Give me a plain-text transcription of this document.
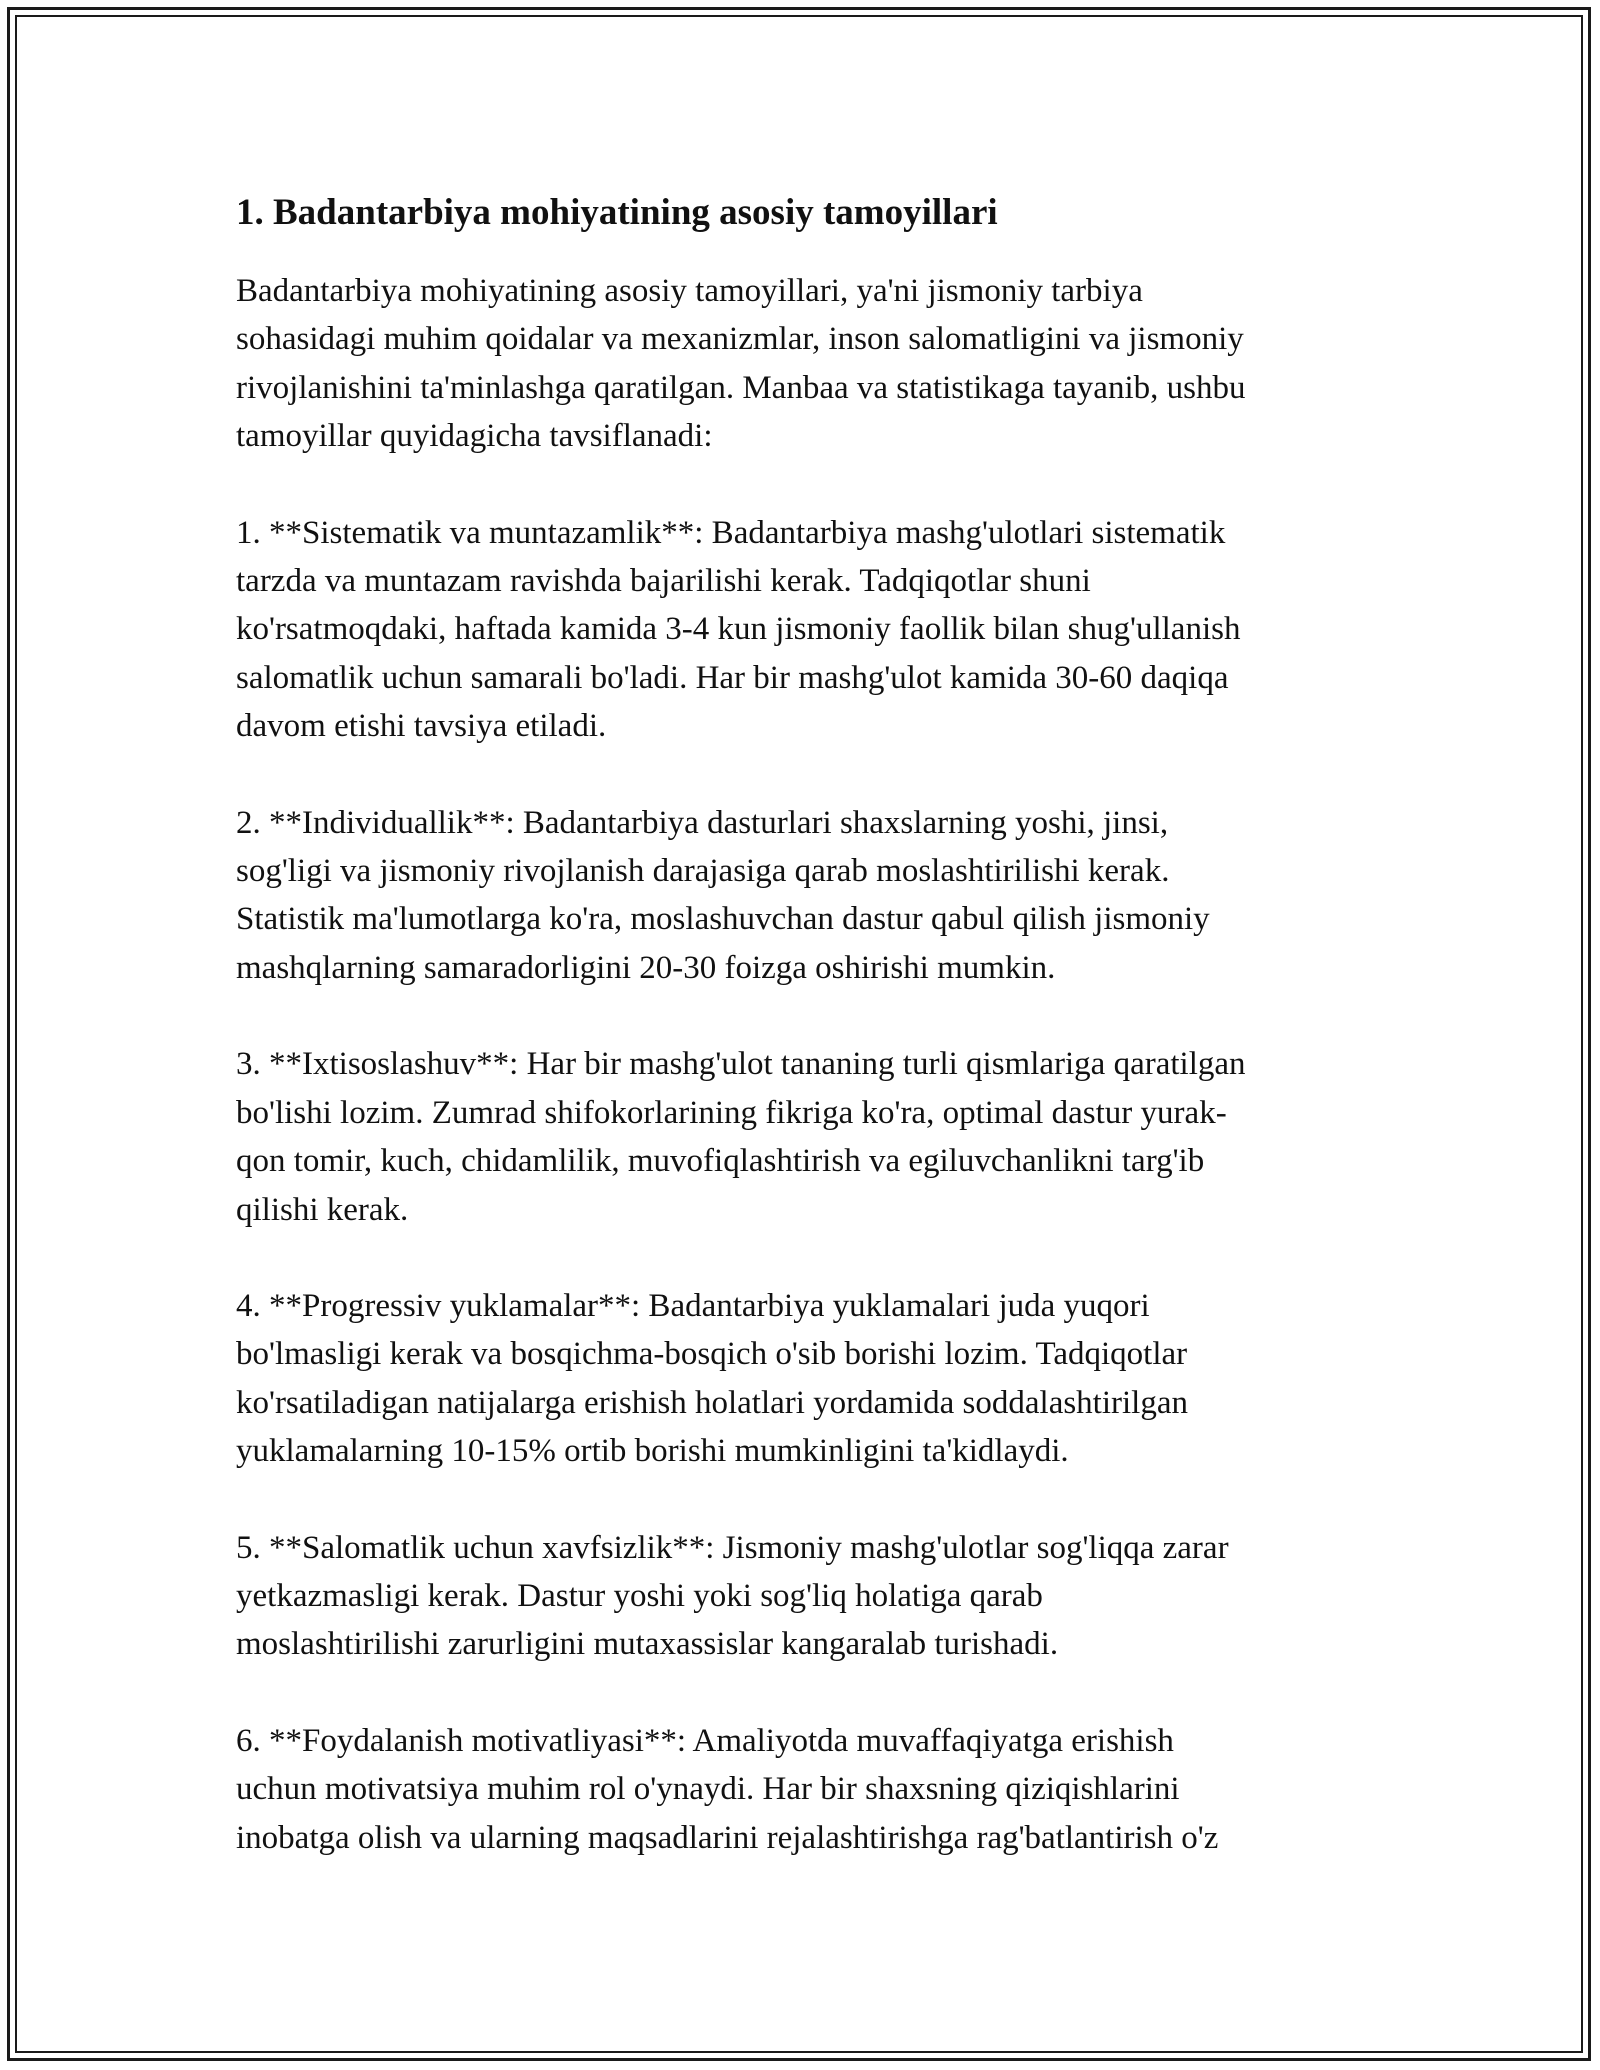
1. Badantarbiya mohiyatining asosiy tamoyillari

Badantarbiya mohiyatining asosiy tamoyillari, ya'ni jismoniy tarbiya
sohasidagi muhim qoidalar va mexanizmlar, inson salomatligini va jismoniy
rivojlanishini ta'minlashga qaratilgan. Manbaa va statistikaga tayanib, ushbu
tamoyillar quyidagicha tavsiflanadi:

1. **Sistematik va muntazamlik**: Badantarbiya mashg'ulotlari sistematik
tarzda va muntazam ravishda bajarilishi kerak. Tadqiqotlar shuni
ko'rsatmoqdaki, haftada kamida 3-4 kun jismoniy faollik bilan shug'ullanish
salomatlik uchun samarali bo'ladi. Har bir mashg'ulot kamida 30-60 daqiqa
davom etishi tavsiya etiladi.

2. **Individuallik**: Badantarbiya dasturlari shaxslarning yoshi, jinsi,
sog'ligi va jismoniy rivojlanish darajasiga qarab moslashtirilishi kerak.
Statistik ma'lumotlarga ko'ra, moslashuvchan dastur qabul qilish jismoniy
mashqlarning samaradorligini 20-30 foizga oshirishi mumkin.

3. **Ixtisoslashuv**: Har bir mashg'ulot tananing turli qismlariga qaratilgan
bo'lishi lozim. Zumrad shifokorlarining fikriga ko'ra, optimal dastur yurak-
qon tomir, kuch, chidamlilik, muvofiqlashtirish va egiluvchanlikni targ'ib
qilishi kerak.

4. **Progressiv yuklamalar**: Badantarbiya yuklamalari juda yuqori
bo'lmasligi kerak va bosqichma-bosqich o'sib borishi lozim. Tadqiqotlar
ko'rsatiladigan natijalarga erishish holatlari yordamida soddalashtirilgan
yuklamalarning 10-15% ortib borishi mumkinligini ta'kidlaydi.

5. **Salomatlik uchun xavfsizlik**: Jismoniy mashg'ulotlar sog'liqqa zarar
yetkazmasligi kerak. Dastur yoshi yoki sog'liq holatiga qarab
moslashtirilishi zarurligini mutaxassislar kangaralab turishadi.

6. **Foydalanish motivatliyasi**: Amaliyotda muvaffaqiyatga erishish
uchun motivatsiya muhim rol o'ynaydi. Har bir shaxsning qiziqishlarini
inobatga olish va ularning maqsadlarini rejalashtirishga rag'batlantirish o'z
